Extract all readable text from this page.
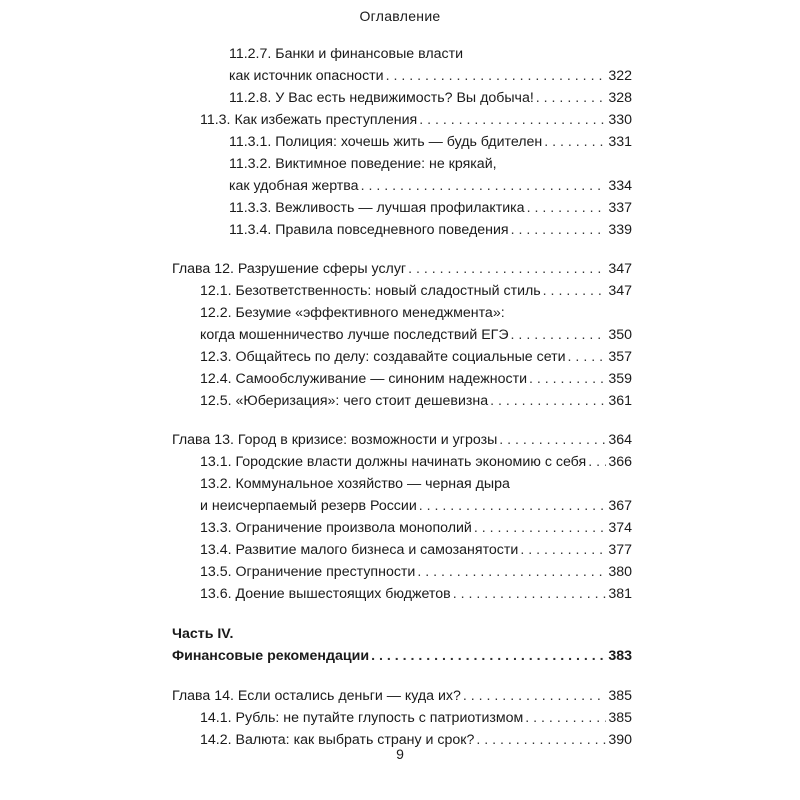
Оглавление
11.2.7. Банки и финансовые власти
как источник опасности . . .	322
11.2.8. У Вас есть недвижимость? Вы добыча! . . .	328
11.3. Как избежать преступления . . .	330
11.3.1. Полиция: хочешь жить — будь бдителен . . .	331
11.3.2. Виктимное поведение: не крякай,
как удобная жертва . . .	334
11.3.3. Вежливость — лучшая профилактика . . .	337
11.3.4. Правила повседневного поведения . . .	339
Глава 12. Разрушение сферы услуг . . .	347
12.1. Безответственность: новый сладостный стиль . . .	347
12.2. Безумие «эффективного менеджмента»:
когда мошенничество лучше последствий ЕГЭ . . .	350
12.3. Общайтесь по делу: создавайте социальные сети . . .	357
12.4. Самообслуживание — синоним надежности . . .	359
12.5. «Юберизация»: чего стоит дешевизна . . .	361
Глава 13. Город в кризисе: возможности и угрозы . . .	364
13.1. Городские власти должны начинать экономию с себя . . . 366
13.2. Коммунальное хозяйство — черная дыра
и неисчерпаемый резерв России . . .	367
13.3. Ограничение произвола монополий . . .	374
13.4. Развитие малого бизнеса и самозанятости . . .	377
13.5. Ограничение преступности . . .	380
13.6. Доение вышестоящих бюджетов . . .	381
Часть IV.
Финансовые рекомендации . . .	383
Глава 14. Если остались деньги — куда их? . . .	385
14.1. Рубль: не путайте глупость с патриотизмом . . .	385
14.2. Валюта: как выбрать страну и срок? . . .	390
9
